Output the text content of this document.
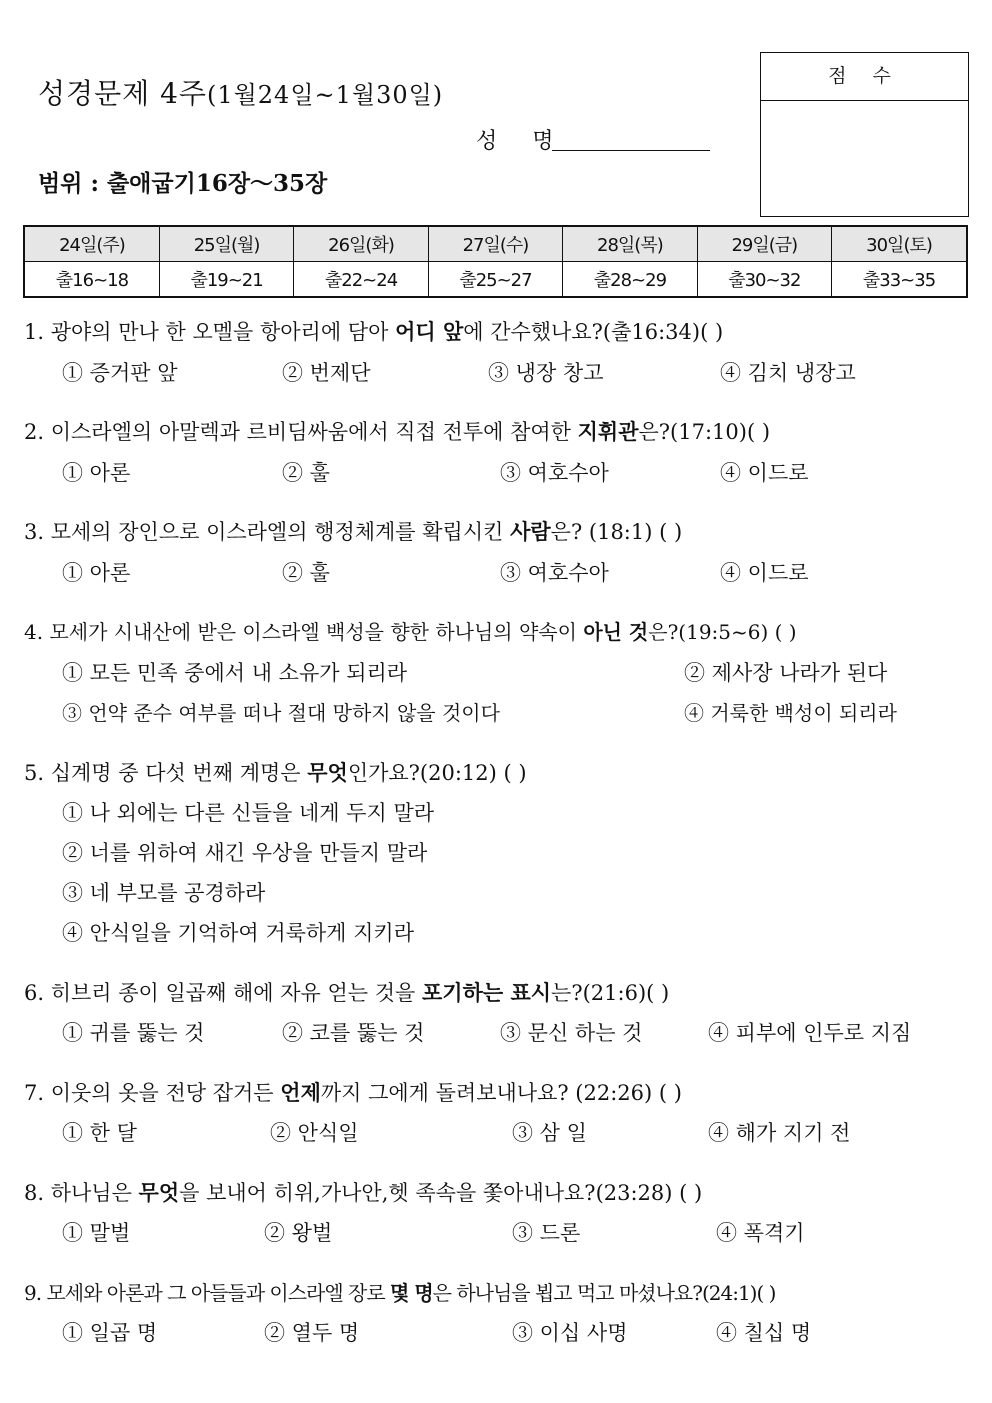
성경문제 4주(1월24일~1월30일)
성 명
범위 : 출애굽기16장～35장
점 수
24일(주)	25일(월)	26일(화)	27일(수)	28일(목)	29일(금)	30일(토)
출16~18	출19~21	출22~24	출25~27	출28~29	출30~32	출33~35
1. 광야의 만나 한 오멜을 항아리에 담아 어디 앞에 간수했나요?(출16:34)( )
① 증거판 앞	② 번제단	③ 냉장 창고	④ 김치 냉장고
2. 이스라엘의 아말렉과 르비딤싸움에서 직접 전투에 참여한 지휘관은?(17:10)( )
① 아론	② 훌	③ 여호수아	④ 이드로
3. 모세의 장인으로 이스라엘의 행정체계를 확립시킨 사람은? (18:1) ( )
① 아론	② 훌	③ 여호수아	④ 이드로
4. 모세가 시내산에 받은 이스라엘 백성을 향한 하나님의 약속이 아닌 것은?(19:5~6) ( )
① 모든 민족 중에서 내 소유가 되리라	② 제사장 나라가 된다
③ 언약 준수 여부를 떠나 절대 망하지 않을 것이다	④ 거룩한 백성이 되리라
5. 십계명 중 다섯 번째 계명은 무엇인가요?(20:12) ( )
① 나 외에는 다른 신들을 네게 두지 말라
② 너를 위하여 새긴 우상을 만들지 말라
③ 네 부모를 공경하라
④ 안식일을 기억하여 거룩하게 지키라
6. 히브리 종이 일곱째 해에 자유 얻는 것을 포기하는 표시는?(21:6)( )
① 귀를 뚫는 것	② 코를 뚫는 것	③ 문신 하는 것	④ 피부에 인두로 지짐
7. 이웃의 옷을 전당 잡거든 언제까지 그에게 돌려보내나요? (22:26) ( )
① 한 달	② 안식일	③ 삼 일	④ 해가 지기 전
8. 하나님은 무엇을 보내어 히위,가나안,헷 족속을 쫓아내나요?(23:28) ( )
① 말벌	② 왕벌	③ 드론	④ 폭격기
9. 모세와 아론과 그 아들들과 이스라엘 장로 몇 명은 하나님을 뵙고 먹고 마셨나요?(24:1)( )
① 일곱 명	② 열두 명	③ 이십 사명	④ 칠십 명
